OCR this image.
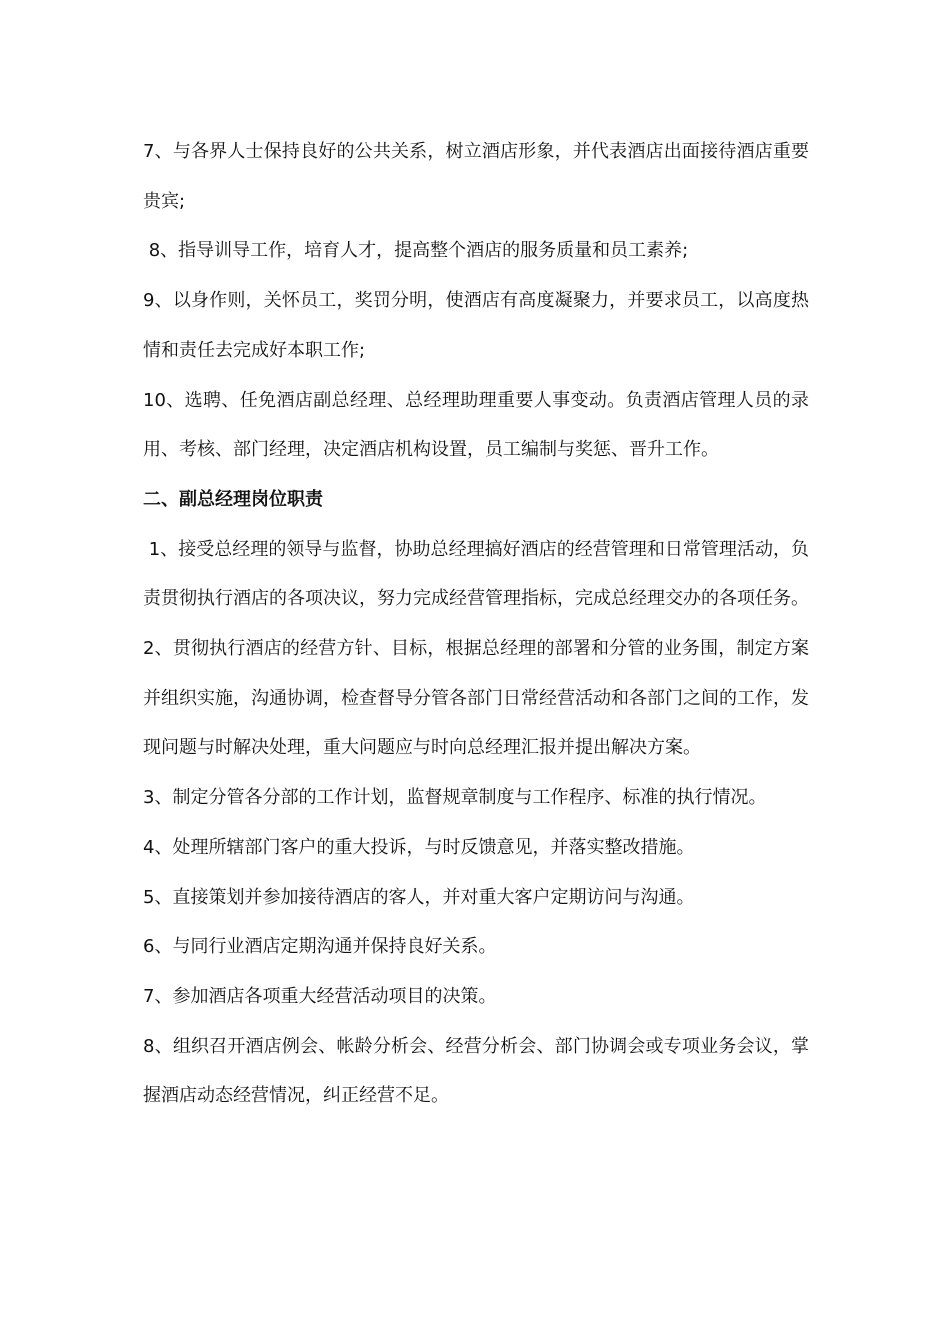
7、与各界人士保持良好的公共关系，树立酒店形象，并代表酒店出面接待酒店重要贵宾;

8、指导训导工作，培育人才，提高整个酒店的服务质量和员工素养;

9、以身作则，关怀员工，奖罚分明，使酒店有高度凝聚力，并要求员工，以高度热情和责任去完成好本职工作;

10、选聘、任免酒店副总经理、总经理助理重要人事变动。负责酒店管理人员的录用、考核、部门经理，决定酒店机构设置，员工编制与奖惩、晋升工作。

二、副总经理岗位职责

1、接受总经理的领导与监督，协助总经理搞好酒店的经营管理和日常管理活动，负责贯彻执行酒店的各项决议，努力完成经营管理指标，完成总经理交办的各项任务。

2、贯彻执行酒店的经营方针、目标，根据总经理的部署和分管的业务围，制定方案并组织实施，沟通协调，检查督导分管各部门日常经营活动和各部门之间的工作，发现问题与时解决处理，重大问题应与时向总经理汇报并提出解决方案。

3、制定分管各分部的工作计划，监督规章制度与工作程序、标准的执行情况。

4、处理所辖部门客户的重大投诉，与时反馈意见，并落实整改措施。

5、直接策划并参加接待酒店的客人，并对重大客户定期访问与沟通。

6、与同行业酒店定期沟通并保持良好关系。

7、参加酒店各项重大经营活动项目的决策。

8、组织召开酒店例会、帐龄分析会、经营分析会、部门协调会或专项业务会议，掌握酒店动态经营情况，纠正经营不足。
